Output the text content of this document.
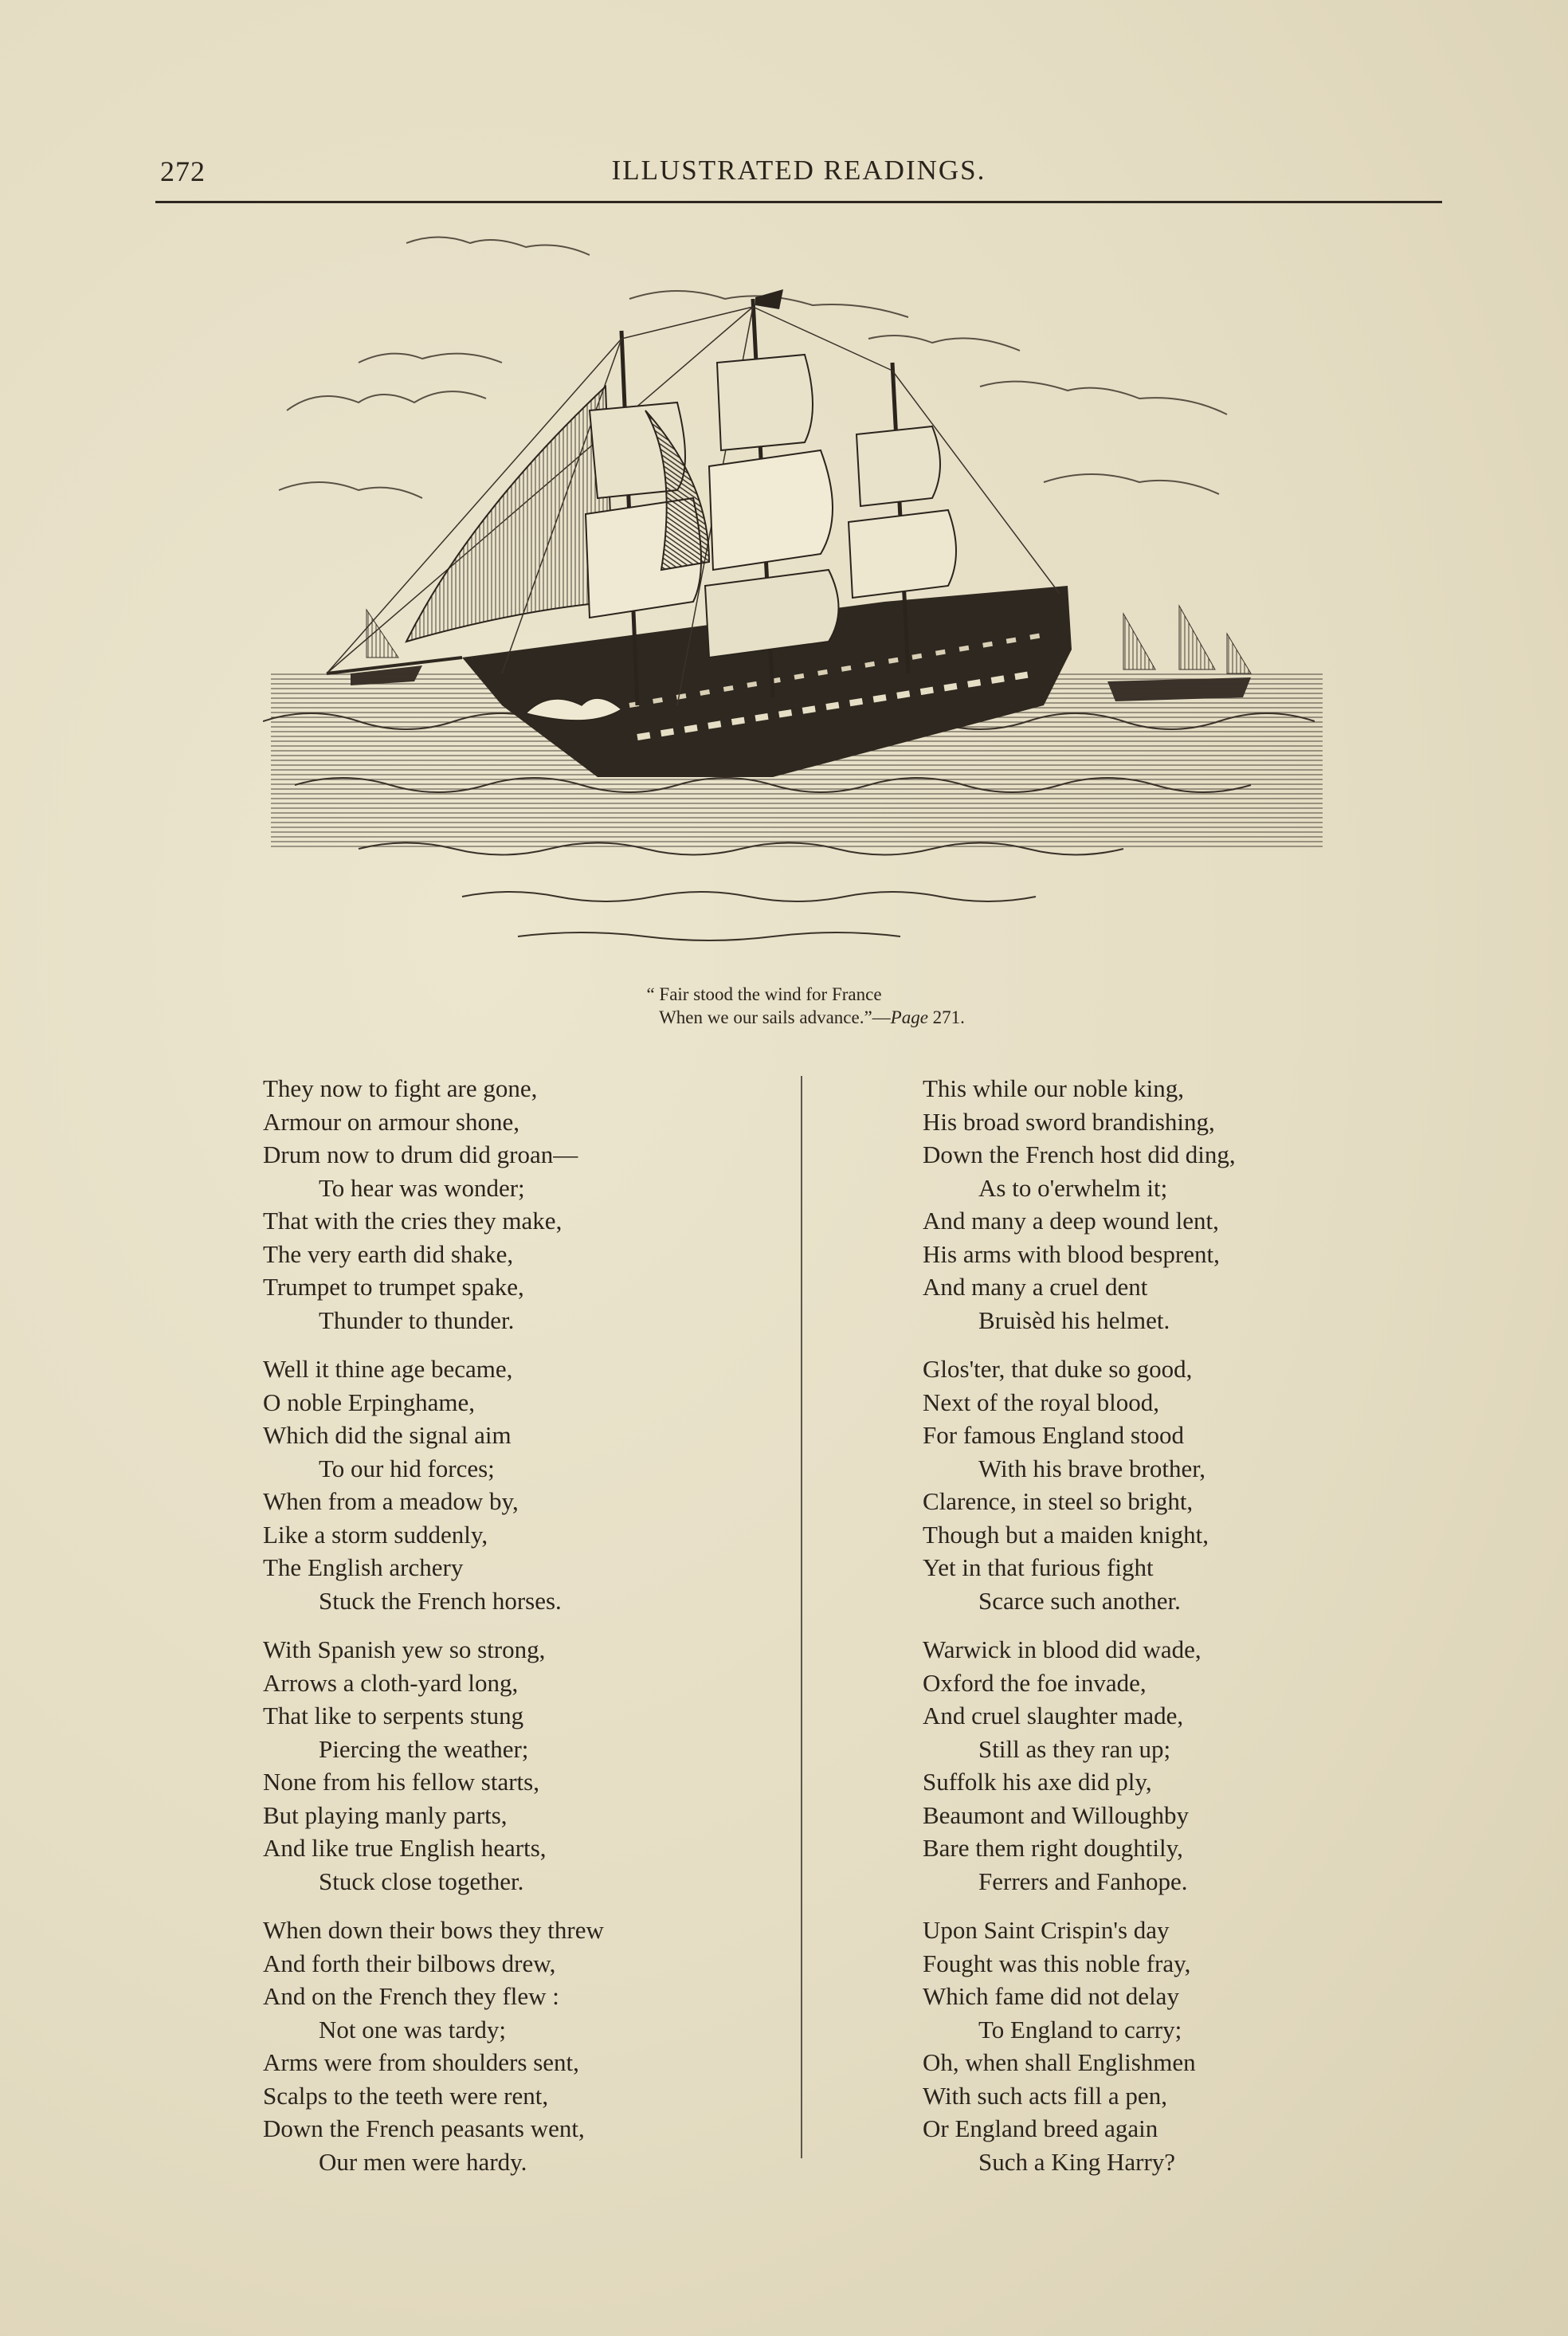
272	ILLUSTRATED READINGS.
“ Fair stood the wind for France
When we our sails advance.”—Page 271.
They now to fight are gone,
Armour on armour shone,
Drum now to drum did groan—
To hear was wonder;
That with the cries they make,
The very earth did shake,
Trumpet to trumpet spake,
Thunder to thunder.
Well it thine age became,
O noble Erpinghame,
Which did the signal aim
To our hid forces;
When from a meadow by,
Like a storm suddenly,
The English archery
Stuck the French horses.
With Spanish yew so strong,
Arrows a cloth-yard long,
That like to serpents stung
Piercing the weather;
None from his fellow starts,
But playing manly parts,
And like true English hearts,
Stuck close together.
When down their bows they threw
And forth their bilbows drew,
And on the French they flew :
Not one was tardy;
Arms were from shoulders sent,
Scalps to the teeth were rent,
Down the French peasants went,
Our men were hardy.
This while our noble king,
His broad sword brandishing,
Down the French host did ding,
As to o'erwhelm it;
And many a deep wound lent,
His arms with blood besprent,
And many a cruel dent
Bruisèd his helmet.
Glos'ter, that duke so good,
Next of the royal blood,
For famous England stood
With his brave brother,
Clarence, in steel so bright,
Though but a maiden knight,
Yet in that furious fight
Scarce such another.
Warwick in blood did wade,
Oxford the foe invade,
And cruel slaughter made,
Still as they ran up;
Suffolk his axe did ply,
Beaumont and Willoughby
Bare them right doughtily,
Ferrers and Fanhope.
Upon Saint Crispin's day
Fought was this noble fray,
Which fame did not delay
To England to carry;
Oh, when shall Englishmen
With such acts fill a pen,
Or England breed again
Such a King Harry?
